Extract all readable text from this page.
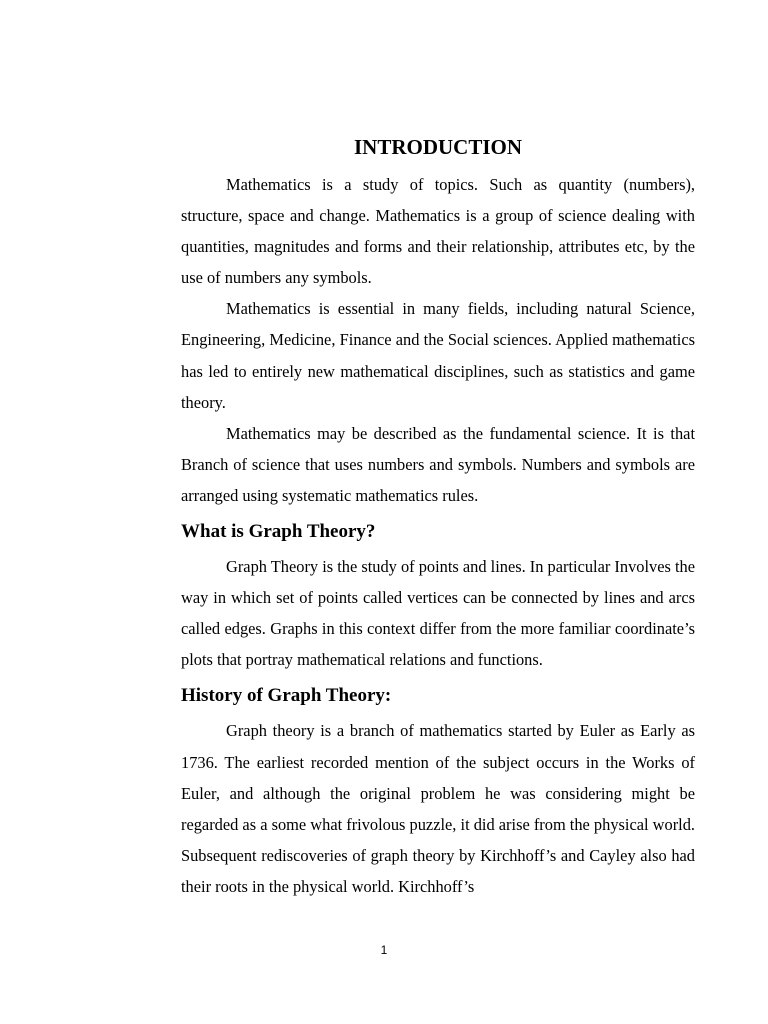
INTRODUCTION

Mathematics is a study of topics. Such as quantity (numbers), structure, space and change. Mathematics is a group of science dealing with quantities, magnitudes and forms and their relationship, attributes etc, by the use of numbers any symbols.

Mathematics is essential in many fields, including natural Science, Engineering, Medicine, Finance and the Social sciences. Applied mathematics has led to entirely new mathematical disciplines, such as statistics and game theory.

Mathematics may be described as the fundamental science. It is that Branch of science that uses numbers and symbols. Numbers and symbols are arranged using systematic mathematics rules.

What is Graph Theory?

Graph Theory is the study of points and lines. In particular Involves the way in which set of points called vertices can be connected by lines and arcs called edges. Graphs in this context differ from the more familiar coordinate’s plots that portray mathematical relations and functions.

History of Graph Theory:

Graph theory is a branch of mathematics started by Euler as Early as 1736. The earliest recorded mention of the subject occurs in the Works of Euler, and although the original problem he was considering might be regarded as a some what frivolous puzzle, it did arise from the physical world. Subsequent rediscoveries of graph theory by Kirchhoff’s and Cayley also had their roots in the physical world. Kirchhoff’s

1
